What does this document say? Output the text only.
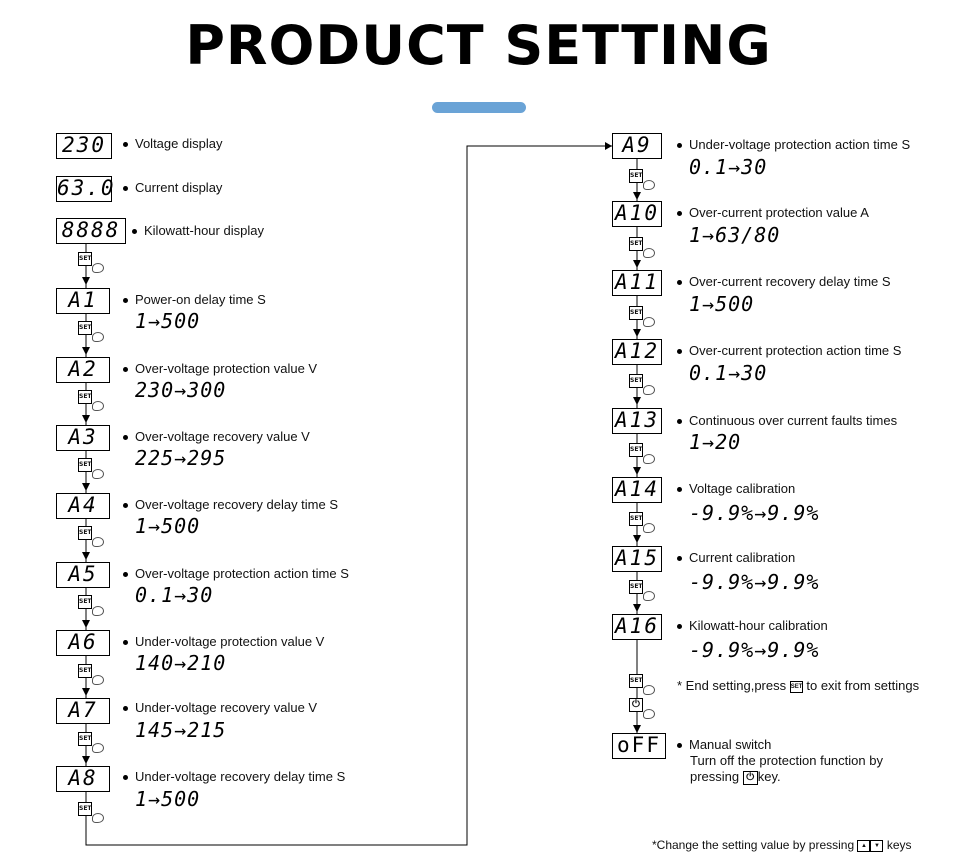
PRODUCT SETTING
230	Voltage display
63.0	Current display
8888	Kilowatt-hour display
SET
SET
SET
SET
SET
SET
SET
SET
SET
A1	Power-on delay time S
1→500
A2	Over-voltage protection value V
230→300
A3	Over-voltage recovery value V
225→295
A4	Over-voltage recovery delay time S
1→500
A5	Over-voltage protection action time S
0.1→30
A6	Under-voltage protection value V
140→210
A7	Under-voltage recovery value V
145→215
A8	Under-voltage recovery delay time S
1→500
SET
SET
SET
SET
SET
SET
SET
SET
⏻
A9	Under-voltage protection action time S
0.1→30
A10	Over-current protection value A
1→63/80
A11	Over-current recovery delay time S
1→500
A12	Over-current protection action time S
0.1→30
A13	Continuous over current faults times
1→20
A14	Voltage calibration
-9.9%→9.9%
A15	Current calibration
-9.9%→9.9%
A16	Kilowatt-hour calibration
-9.9%→9.9%
* End setting,press SET to exit from settings
oFF	Manual switch
Turn off the protection function by
pressing ⏻ key.
*Change the setting value by pressing ▲ ▼ keys
